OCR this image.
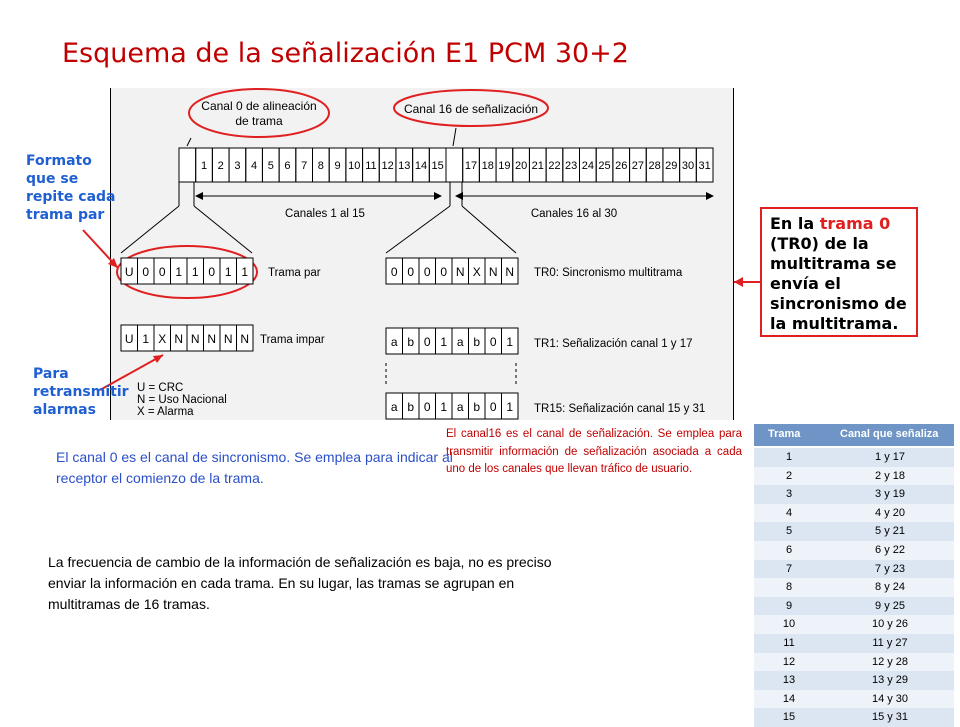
Esquema de la señalización E1 PCM 30+2
Canal 0 de alineación
de trama
Canal 16 de señalización
1 2 3 4 5 6 7 8 9 10 11 12 13 14 15 17 18 19 20 21 22 23 24 25 26 27 28 29 30 31
Canales 1 al 15	Canales 16 al 30
U 0 0 1 1 0 1 1
U 1 X N N N N N
0 0 0 0 N X N N
a b 0 1 a b 0 1
a b 0 1 a b 0 1
Trama par
Trama impar
TR0: Sincronismo multitrama
TR1: Señalización canal 1 y 17
TR15: Señalización canal 15 y 31
U = CRC
N = Uso Nacional
X = Alarma
Formato
que se
repite cada
trama par
Para
retransmitir
alarmas
En la trama 0 (TR0) de la multitrama se envía el sincronismo de la multitrama.
El canal 0 es el canal de sincronismo. Se emplea para indicar al receptor el comienzo de la trama.
El canal16 es el canal de señalización. Se emplea para transmitir información de señalización asociada a cada uno de los canales que llevan tráfico de usuario.
La frecuencia de cambio de la información de señalización es baja, no es preciso enviar la información en cada trama. En su lugar, las tramas se agrupan en multitramas de 16 tramas.
Trama	Canal que señaliza
1	1 y 17
2	2 y 18
3	3 y 19
4	4 y 20
5	5 y 21
6	6 y 22
7	7 y 23
8	8 y 24
9	9 y 25
10	10 y 26
11	11 y 27
12	12 y 28
13	13 y 29
14	14 y 30
15	15 y 31
